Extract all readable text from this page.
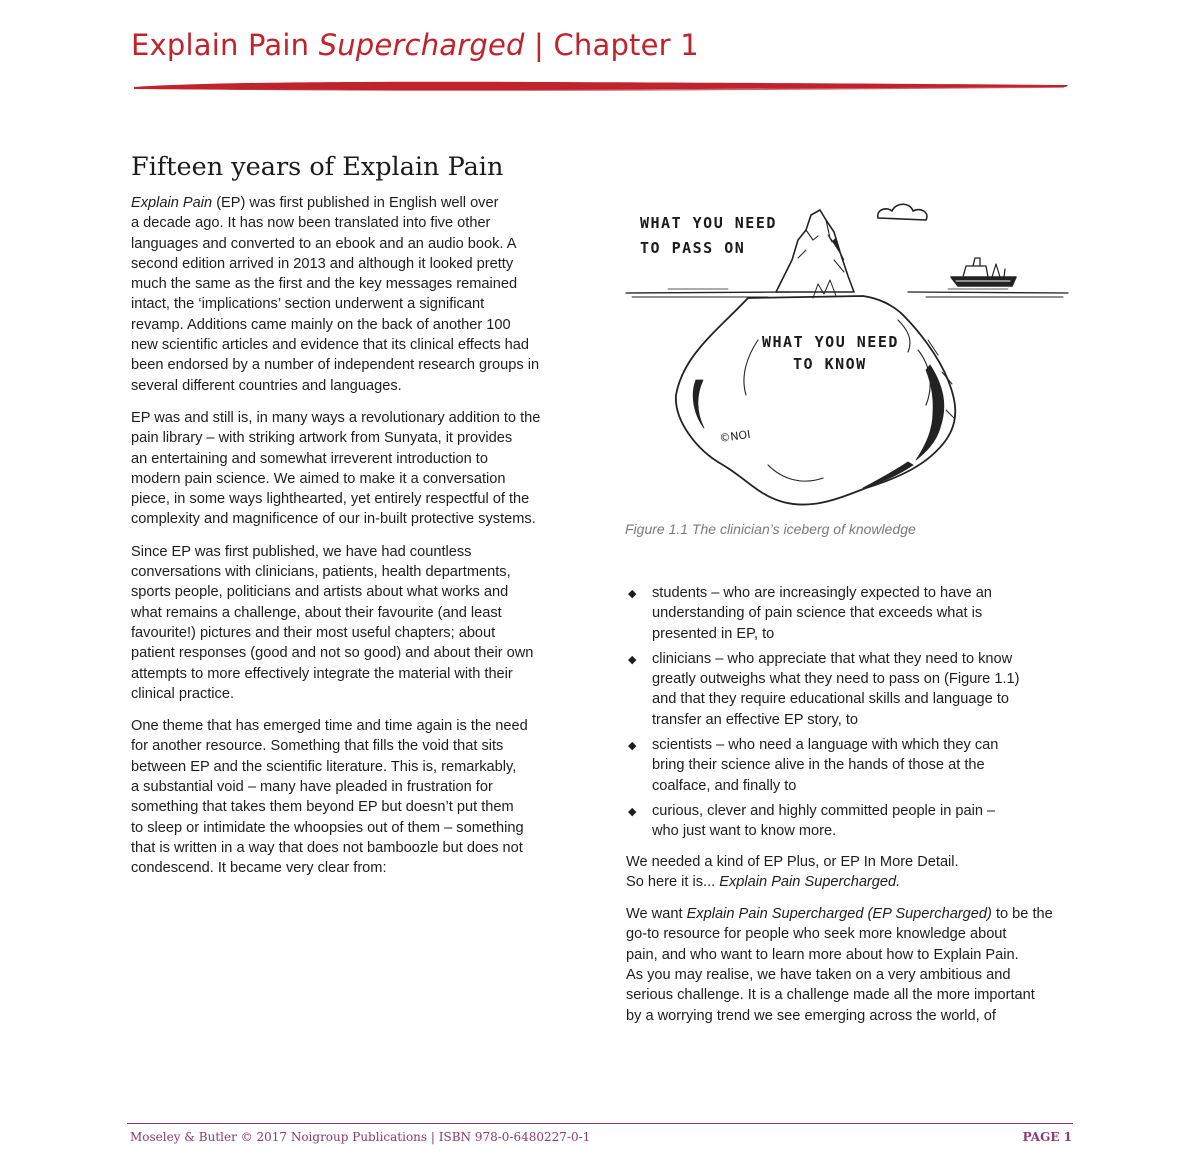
Explain Pain Supercharged | Chapter 1
Fifteen years of Explain Pain

Explain Pain (EP) was first published in English well over
a decade ago. It has now been translated into five other
languages and converted to an ebook and an audio book. A
second edition arrived in 2013 and although it looked pretty
much the same as the first and the key messages remained
intact, the ‘implications’ section underwent a significant
revamp. Additions came mainly on the back of another 100
new scientific articles and evidence that its clinical effects had
been endorsed by a number of independent research groups in
several different countries and languages.

EP was and still is, in many ways a revolutionary addition to the
pain library – with striking artwork from Sunyata, it provides
an entertaining and somewhat irreverent introduction to
modern pain science. We aimed to make it a conversation
piece, in some ways lighthearted, yet entirely respectful of the
complexity and magnificence of our in-built protective systems.

Since EP was first published, we have had countless
conversations with clinicians, patients, health departments,
sports people, politicians and artists about what works and
what remains a challenge, about their favourite (and least
favourite!) pictures and their most useful chapters; about
patient responses (good and not so good) and about their own
attempts to more effectively integrate the material with their
clinical practice.

One theme that has emerged time and time again is the need
for another resource. Something that fills the void that sits
between EP and the scientific literature. This is, remarkably,
a substantial void – many have pleaded in frustration for
something that takes them beyond EP but doesn’t put them
to sleep or intimidate the whoopsies out of them – something
that is written in a way that does not bamboozle but does not
condescend. It became very clear from:

WHAT YOU NEED
TO PASS ON
WHAT YOU NEED
TO KNOW
©NOI

Figure 1.1 The clinician’s iceberg of knowledge

◆ students – who are increasingly expected to have an
understanding of pain science that exceeds what is
presented in EP, to
◆ clinicians – who appreciate that what they need to know
greatly outweighs what they need to pass on (Figure 1.1)
and that they require educational skills and language to
transfer an effective EP story, to
◆ scientists – who need a language with which they can
bring their science alive in the hands of those at the
coalface, and finally to
◆ curious, clever and highly committed people in pain –
who just want to know more.

We needed a kind of EP Plus, or EP In More Detail.
So here it is... Explain Pain Supercharged.

We want Explain Pain Supercharged (EP Supercharged) to be the
go-to resource for people who seek more knowledge about
pain, and who want to learn more about how to Explain Pain.
As you may realise, we have taken on a very ambitious and
serious challenge. It is a challenge made all the more important
by a worrying trend we see emerging across the world, of

Moseley & Butler © 2017 Noigroup Publications | ISBN 978-0-6480227-0-1	PAGE 1
